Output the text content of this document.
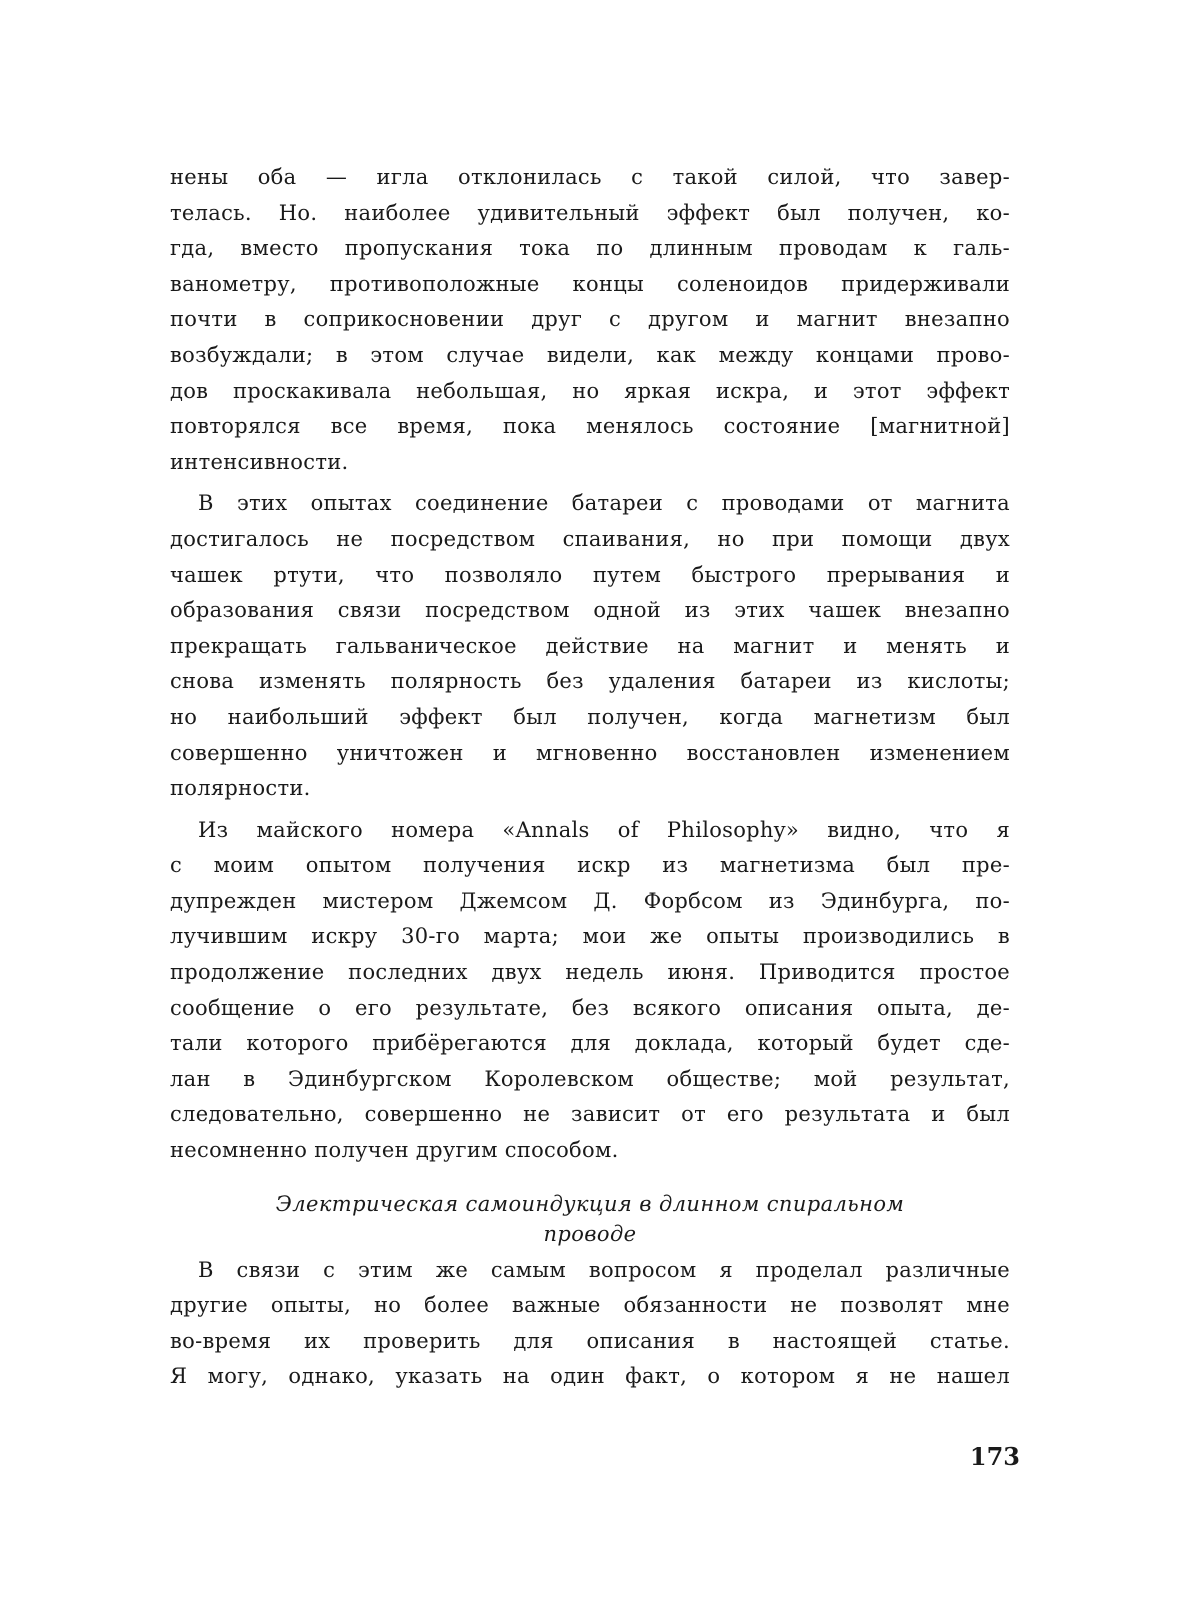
нены оба — игла отклонилась с такой силой, что завер-
телась. Но. наиболее удивительный эффект был получен, ко-
гда, вместо пропускания тока по длинным проводам к галь-
ванометру, противоположные концы соленоидов придерживали
почти в соприкосновении друг с другом и магнит внезапно
возбуждали; в этом случае видели, как между концами прово-
дов проскакивала небольшая, но яркая искра, и этот эффект
повторялся все время, пока менялось состояние [магнитной]
интенсивности.

В этих опытах соединение батареи с проводами от магнита
достигалось не посредством спаивания, но при помощи двух
чашек ртути, что позволяло путем быстрого прерывания и
образования связи посредством одной из этих чашек внезапно
прекращать гальваническое действие на магнит и менять и
снова изменять полярность без удаления батареи из кислоты;
но наибольший эффект был получен, когда магнетизм был
совершенно уничтожен и мгновенно восстановлен изменением
полярности.

Из майского номера «Annals of Philosophy» видно, что я
с моим опытом получения искр из магнетизма был пре-
дупрежден мистером Джемсом Д. Форбсом из Эдинбурга, по-
лучившим искру 30-го марта; мои же опыты производились в
продолжение последних двух недель июня. Приводится простое
сообщение о его результате, без всякого описания опыта, де-
тали которого прибёрегаются для доклада, который будет сде-
лан в Эдинбургском Королевском обществе; мой результат,
следовательно, совершенно не зависит от его результата и был
несомненно получен другим способом.

Электрическая самоиндукция в длинном спиральном
проводе

В связи с этим же самым вопросом я проделал различные
другие опыты, но более важные обязанности не позволят мне
во-время их проверить для описания в настоящей статье.
Я могу, однако, указать на один факт, о котором я не нашел

173
